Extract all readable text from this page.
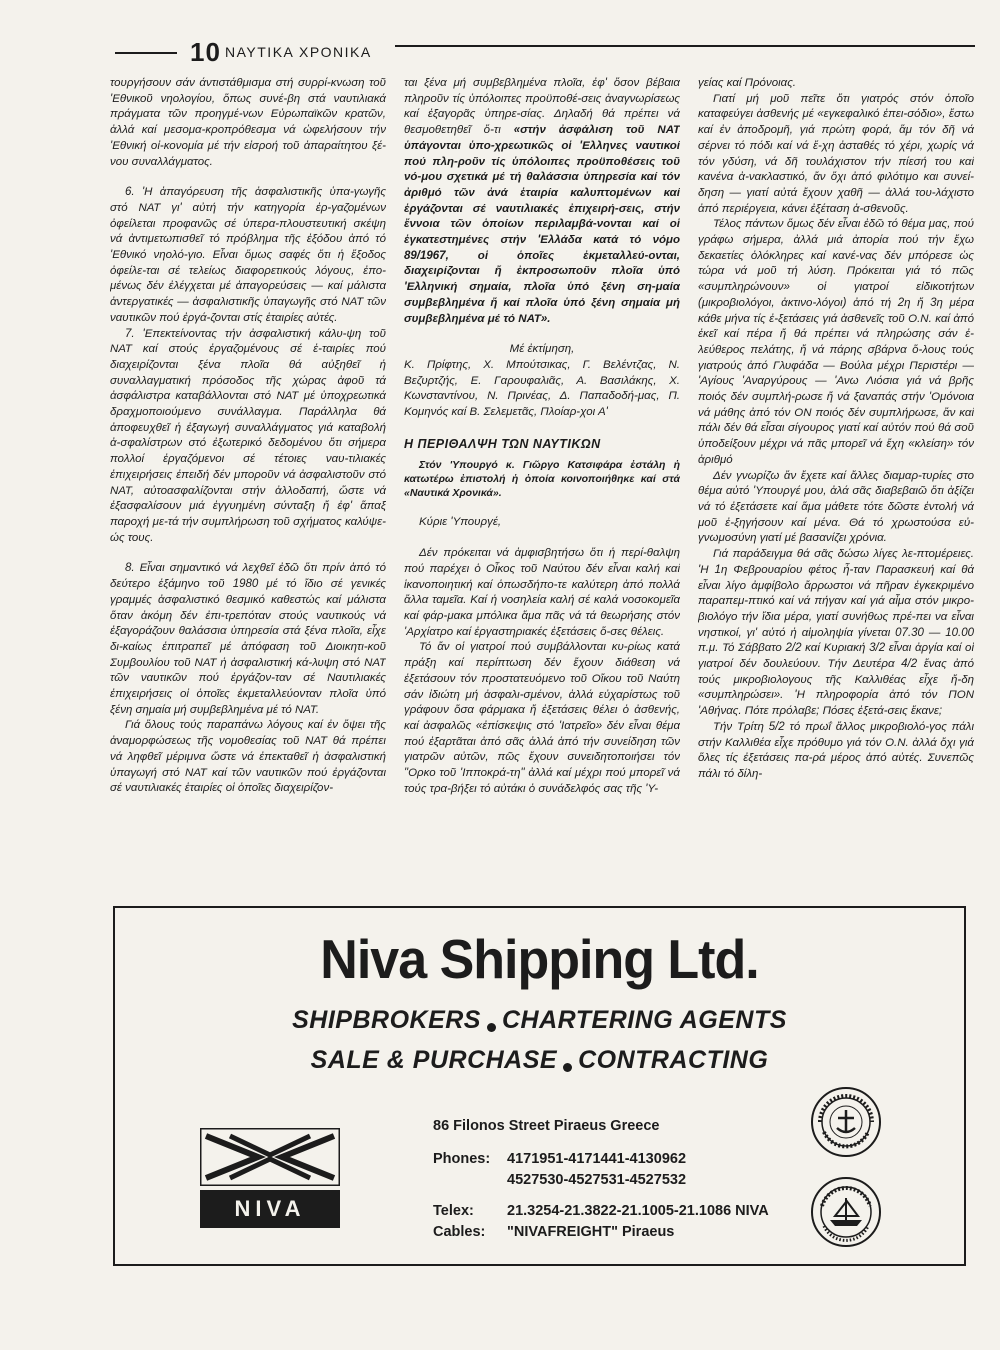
10 ΝΑΥΤΙΚΑ ΧΡΟΝΙΚΑ

τουργήσουν σάν άντιστάθμισμα στή συρρί-κνωση τοῦ 'Εθνικοῦ νηολογίου, ὅπως συνέ-βη στά ναυτιλιακά πράγματα τῶν προηγμέ-νων Εὐρωπαϊκῶν κρατῶν, ἀλλά καί μεσομα-κροπρόθεσμα νά ὠφελήσουν τήν 'Εθνική οἰ-κονομία μέ τήν εἰσροή τοῦ ἀπαραίτητου ξέ-νου συναλλάγματος.

6. 'Η ἀπαγόρευση τῆς ἀσφαλιστικῆς ὑπα-γωγῆς στό ΝΑΤ γι' αὐτή τήν κατηγορία ἐρ-γαζομένων ὀφείλεται προφανῶς σέ ὑπερα-πλουστευτική σκέψη νά ἀντιμετωπισθεῖ τό πρόβλημα τῆς ἐξόδου ἀπό τό 'Εθνικό νηολό-γιο. Εἶναι ὅμως σαφές ὅτι ἡ ἔξοδος ὀφείλε-ται σέ τελείως διαφορετικούς λόγους, ἐπο-μένως δέν ἐλέγχεται μέ ἀπαγορεύσεις — καί μάλιστα ἀντεργατικές — ἀσφαλιστικῆς ὑπαγωγῆς στό ΝΑΤ τῶν ναυτικῶν πού ἐργά-ζονται στίς ἑταιρίες αὐτές.

7. 'Επεκτείνοντας τήν ἀσφαλιστική κάλυ-ψη τοῦ ΝΑΤ καί στούς ἐργαζομένους σέ ἑ-ταιρίες πού διαχειρίζονται ξένα πλοῖα θά αὐξηθεῖ ἡ συναλλαγματική πρόσοδος τῆς χώρας ἀφοῦ τά ἀσφάλιστρα καταβάλλονται στό ΝΑΤ μέ ὑποχρεωτικά δραχμοποιούμενο συνάλλαγμα. Παράλληλα θά ἀποφευχθεῖ ἡ ἐξαγωγή συναλλάγματος γιά καταβολή ἀ-σφαλίστρων στό ἐξωτερικό δεδομένου ὅτι σήμερα πολλοί ἐργαζόμενοι σέ τέτοιες ναυ-τιλιακές ἐπιχειρήσεις ἐπειδή δέν μποροῦν νά ἀσφαλιστοῦν στό ΝΑΤ, αὐτοασφαλίζονται στήν ἀλλοδαπή, ὥστε νά ἐξασφαλίσουν μιά ἐγγυημένη σύνταξη ἤ ἐφ' ἅπαξ παροχή με-τά τήν συμπλήρωση τοῦ σχήματος καλύψε-ώς τους.

8. Εἶναι σημαντικό νά λεχθεῖ ἐδῶ ὅτι πρίν ἀπό τό δεύτερο ἑξάμηνο τοῦ 1980 μέ τό ἴδιο σέ γενικές γραμμές ἀσφαλιστικό θεσμικό καθεστώς καί μάλιστα ὅταν ἀκόμη δέν ἐπι-τρεπόταν στούς ναυτικούς νά ἐξαγοράζουν θαλάσσια ὑπηρεσία στά ξένα πλοῖα, εἶχε δι-καίως ἐπιτραπεῖ μέ ἀπόφαση τοῦ Διοικητι-κοῦ Συμβουλίου τοῦ ΝΑΤ ἡ ἀσφαλιστική κά-λυψη στό ΝΑΤ τῶν ναυτικῶν πού ἐργάζον-ταν σέ Ναυτιλιακές ἐπιχειρήσεις οἱ ὁποῖες ἐκμεταλλεύονταν πλοῖα ὑπό ξένη σημαία μή συμβεβλημένα μέ τό ΝΑΤ.

Γιά ὅλους τούς παραπάνω λόγους καί ἐν ὄψει τῆς ἀναμορφώσεως τῆς νομοθεσίας τοῦ ΝΑΤ θά πρέπει νά ληφθεῖ μέριμνα ὥστε νά ἐπεκταθεῖ ἡ ἀσφαλιστική ὑπαγωγή στό ΝΑΤ καί τῶν ναυτικῶν πού ἐργάζονται σέ ναυτιλιακές ἑταιρίες οἱ ὁποῖες διαχειρίζον-

ται ξένα μή συμβεβλημένα πλοῖα, ἐφ' ὅσον βέβαια πληροῦν τίς ὑπόλοιπες προϋποθέ-σεις ἀναγνωρίσεως καί ἐξαγορᾶς ὑπηρε-σίας. Δηλαδή θά πρέπει νά θεσμοθετηθεῖ ὅ-τι «στήν ἀσφάλιση τοῦ ΝΑΤ ὑπάγονται ὑπο-χρεωτικῶς οἱ 'Ελληνες ναυτικοί πού πλη-ροῦν τίς ὑπόλοιπες προϋποθέσεις τοῦ νό-μου σχετικά μέ τή θαλάσσια ὑπηρεσία καί τόν ἀριθμό τῶν ἀνά ἑταιρία καλυπτομένων καί ἐργάζονται σέ ναυτιλιακές ἐπιχειρή-σεις, στήν ἔννοια τῶν ὁποίων περιλαμβά-νονται καί οἱ ἐγκατεστημένες στήν 'Ελλάδα κατά τό νόμο 89/1967, οἱ ὁποῖες ἐκμεταλλεύ-ονται, διαχειρίζονται ἤ ἐκπροσωποῦν πλοῖα ὑπό 'Ελληνική σημαία, πλοῖα ὑπό ξένη ση-μαία συμβεβλημένα ἤ καί πλοῖα ὑπό ξένη σημαία μή συμβεβλημένα μέ τό ΝΑΤ».

Μέ ἐκτίμηση,

Κ. Πρίφτης, Χ. Μπούτσικας, Γ. Βελέντζας, Ν. Βεζυρτζής, Ε. Γαρουφαλιᾶς, Α. Βασιλάκης, Χ. Κωνσταντίνου, Ν. Πρινέας, Δ. Παπαδοδή-μας, Π. Κομηνός καί Β. Σελεμετᾶς, Πλοίαρ-χοι Α'

Η ΠΕΡΙΘΑΛΨΗ ΤΩΝ ΝΑΥΤΙΚΩΝ

Στόν 'Υπουργό κ. Γιῶργο Κατσιφάρα ἐστάλη ἡ κατωτέρω ἐπιστολή ἡ ὁποία κοινοποιήθηκε καί στά «Ναυτικά Χρονικά».

Κύριε 'Υπουργέ,

Δέν πρόκειται νά ἀμφισβητήσω ὅτι ἡ περί-θαλψη πού παρέχει ὁ Οἶκος τοῦ Ναύτου δέν εἶναι καλή καί ἱκανοποιητική καί ὁπωσδήπο-τε καλύτερη ἀπό πολλά ἄλλα ταμεῖα. Καί ἡ νοσηλεία καλή σέ καλά νοσοκομεῖα καί φάρ-μακα μπόλικα ἅμα πᾶς νά τά θεωρήσης στόν 'Αρχίατρο καί ἐργαστηριακές ἐξετάσεις ὅ-σες θέλεις.

Τό ἄν οἱ γιατροί πού συμβάλλονται κυ-ρίως κατά πράξη καί περίπτωση δέν ἔχουν διάθεση νά ἐξετάσουν τόν προστατευόμενο τοῦ Οἴκου τοῦ Ναύτη σάν ἰδιώτη μή ἀσφαλι-σμένον, ἀλλά εὐχαρίστως τοῦ γράφουν ὅσα φάρμακα ἤ ἐξετάσεις θέλει ὁ ἀσθενής, καί ἀσφαλῶς «ἐπίσκεψις στό 'Ιατρεῖο» δέν εἶναι θέμα πού ἐξαρτᾶται ἀπό σᾶς ἀλλά ἀπό τήν συνείδηση τῶν γιατρῶν αὐτῶν, πῶς ἔχουν συνειδητοποιήσει τόν "Ορκο τοῦ 'Ιπποκρά-τη" ἀλλά καί μέχρι πού μπορεῖ νά τούς τρα-βήξει τό αὐτάκι ὁ συνάδελφός σας τῆς 'Υ-

γείας καί Πρόνοιας.

Γιατί μή μοῦ πεῖτε ὅτι γιατρός στόν ὁποῖο καταφεύγει ἀσθενής μέ «εγκεφαλικό ἐπει-σόδιο», ἔστω καί ἐν ἀποδρομῆ, γιά πρώτη φορά, ἅμ τόν δῆ νά σέρνει τό πόδι καί νά ἔ-χη ἀσταθές τό χέρι, χωρίς νά τόν γδύση, νά δῆ τουλάχιστον τήν πίεσή του καί κανένα ἀ-νακλαστικό, ἄν ὄχι ἀπό φιλότιμο και συνεί-δηση — γιατί αὐτά ἔχουν χαθῆ — ἀλλά του-λάχιστο ἀπό περιέργεια, κάνει ἐξέταση ἀ-σθενοῦς.

Τέλος πάντων ὅμως δέν εἶναι ἐδῶ τό θέμα μας, πού γράφω σήμερα, ἀλλά μιά ἀπορία πού τήν ἔχω δεκαετίες ὁλόκληρες καί κανέ-νας δέν μπόρεσε ὡς τώρα νά μοῦ τή λύση. Πρόκειται γιά τό πῶς «συμπληρώνουν» οἱ γιατροί εἰδικοτήτων (μικροβιολόγοι, ἀκτινο-λόγοι) ἀπό τή 2η ἤ 3η μέρα κάθε μήνα τίς ἐ-ξετάσεις γιά ἀσθενεῖς τοῦ Ο.Ν. καί ἀπό ἐκεῖ καί πέρα ἤ θά πρέπει νά πληρώσης σάν ἐ-λεύθερος πελάτης, ἤ νά πάρης σβάρνα ὅ-λους τούς γιατρούς ἀπό Γλυφάδα — Βούλα μέχρι Περιστέρι — 'Αγίους 'Αναργύρους — 'Ανω Λιόσια γιά νά βρῆς ποιός δέν συμπλή-ρωσε ἤ νά ξαναπάς στήν 'Ομόνοια νά μάθης ἀπό τόν ΟΝ ποιός δέν συμπλήρωσε, ἄν καί πάλι δέν θά εἶσαι σίγουρος γιατί καί αὐτόν πού θά σοῦ ὑποδείξουν μέχρι νά πᾶς μπορεῖ νά ἔχη «κλείση» τόν ἀριθμό

Δέν γνωρίζω ἄν ἔχετε καί ἄλλες διαμαρ-τυρίες στο θέμα αὐτό 'Υπουργέ μου, ἀλά σᾶς διαβεβαιῶ ὅτι ἀξίζει νά τό ἐξετάσετε καί ἅμα μάθετε τότε δῶστε ἐντολή νά μοῦ ἐ-ξηγήσουν καί μένα. Θά τό χρωστούσα εὐ-γνωμοσύνη γιατί μέ βασανίζει χρόνια.

Γιά παράδειγμα θά σᾶς δώσω λίγες λε-πτομέρειες. 'Η 1η Φεβρουαρίου φέτος ἦ-ταν Παρασκευή καί θά εἶναι λίγο ἀμφίβολο ἄρρωστοι νά πῆραν ἐγκεκριμένο παραπεμ-πτικό καί νά πήγαν καί γιά αἷμα στόν μικρο-βιολόγο τήν ἴδια μέρα, γιατί συνήθως πρέ-πει να εἶναι νηστικοί, γι' αὐτό ἡ αἱμοληψία γίνεται 07.30 — 10.00 π.μ. Τό Σάββατο 2/2 καί Κυριακή 3/2 εἶναι ἀργία καί οἱ γιατροί δέν δουλεύουν. Τήν Δευτέρα 4/2 ἕνας ἀπό τούς μικροβιολογους τῆς Καλλιθέας εἶχε ἤ-δη «συμπληρώσει». 'Η πληροφορία ἀπό τόν ΠΟΝ 'Αθήνας. Πότε πρόλαβε; Πόσες ἐξετά-σεις ἔκανε;

Τήν Τρίτη 5/2 τό πρωΐ ἄλλος μικροβιολό-γος πάλι στήν Καλλιθέα εἶχε πρόθυμο γιά τόν Ο.Ν. ἀλλά ὄχι γιά ὅλες τίς ἐξετάσεις πα-ρά μέρος ἀπό αὐτές. Συνεπῶς πάλι τό δίλη-

Niva Shipping Ltd.
SHIPBROKERS CHARTERING AGENTS
SALE & PURCHASE CONTRACTING
NIVA
86 Filonos Street Piraeus Greece
Phones: 4171951-4171441-4130962
4527530-4527531-4527532
Telex: 21.3254-21.3822-21.1005-21.1086 NIVA
Cables: "NIVAFREIGHT" Piraeus
